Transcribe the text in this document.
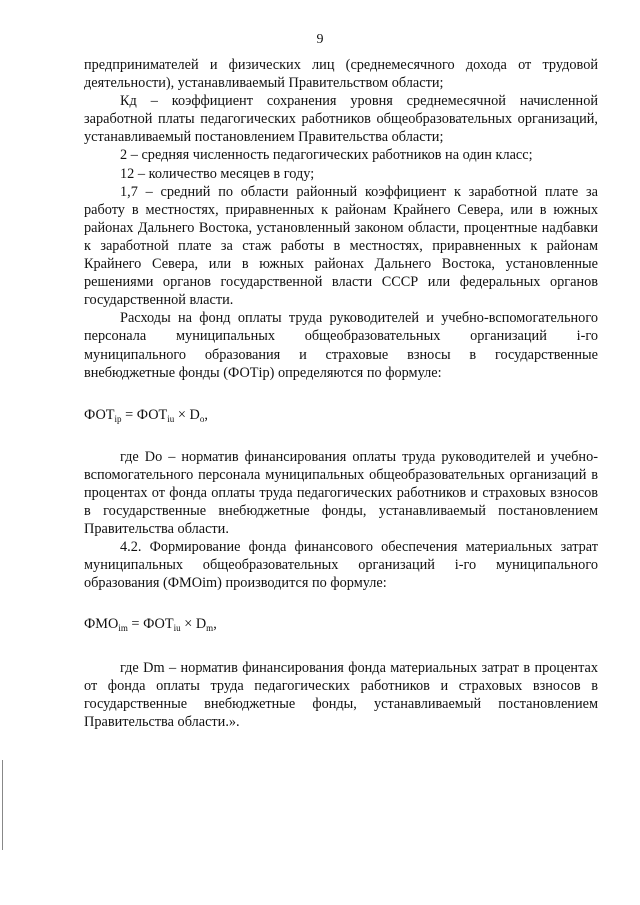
9

предпринимателей и физических лиц (среднемесячного дохода от трудовой деятельности), устанавливаемый Правительством области;

Кд – коэффициент сохранения уровня среднемесячной начисленной заработной платы педагогических работников общеобразовательных организаций, устанавливаемый постановлением Правительства области;

2 – средняя численность педагогических работников на один класс;

12 – количество месяцев в году;

1,7 – средний по области районный коэффициент к заработной плате за работу в местностях, приравненных к районам Крайнего Севера, или в южных районах Дальнего Востока, установленный законом области, процентные надбавки к заработной плате за стаж работы в местностях, приравненных к районам Крайнего Севера, или в южных районах Дальнего Востока, установленные решениями органов государственной власти СССР или федеральных органов государственной власти.

Расходы на фонд оплаты труда руководителей и учебно-вспомогательного персонала муниципальных общеобразовательных организаций i-го муниципального образования и страховые взносы в государственные внебюджетные фонды (ФОТip) определяются по формуле:

$ФОТ_{ip} = ФОТ_{iu} \times D_o$,

где Dо – норматив финансирования оплаты труда руководителей и учебно-вспомогательного персонала муниципальных общеобразовательных организаций в процентах от фонда оплаты труда педагогических работников и страховых взносов в государственные внебюджетные фонды, устанавливаемый постановлением Правительства области.

4.2. Формирование фонда финансового обеспечения материальных затрат муниципальных общеобразовательных организаций i-го муниципального образования (ФМОim) производится по формуле:

$ФМО_{im} = ФОТ_{iu} \times D_m$,

где Dm – норматив финансирования фонда материальных затрат в процентах от фонда оплаты труда педагогических работников и страховых взносов в государственные внебюджетные фонды, устанавливаемый постановлением Правительства области.».
